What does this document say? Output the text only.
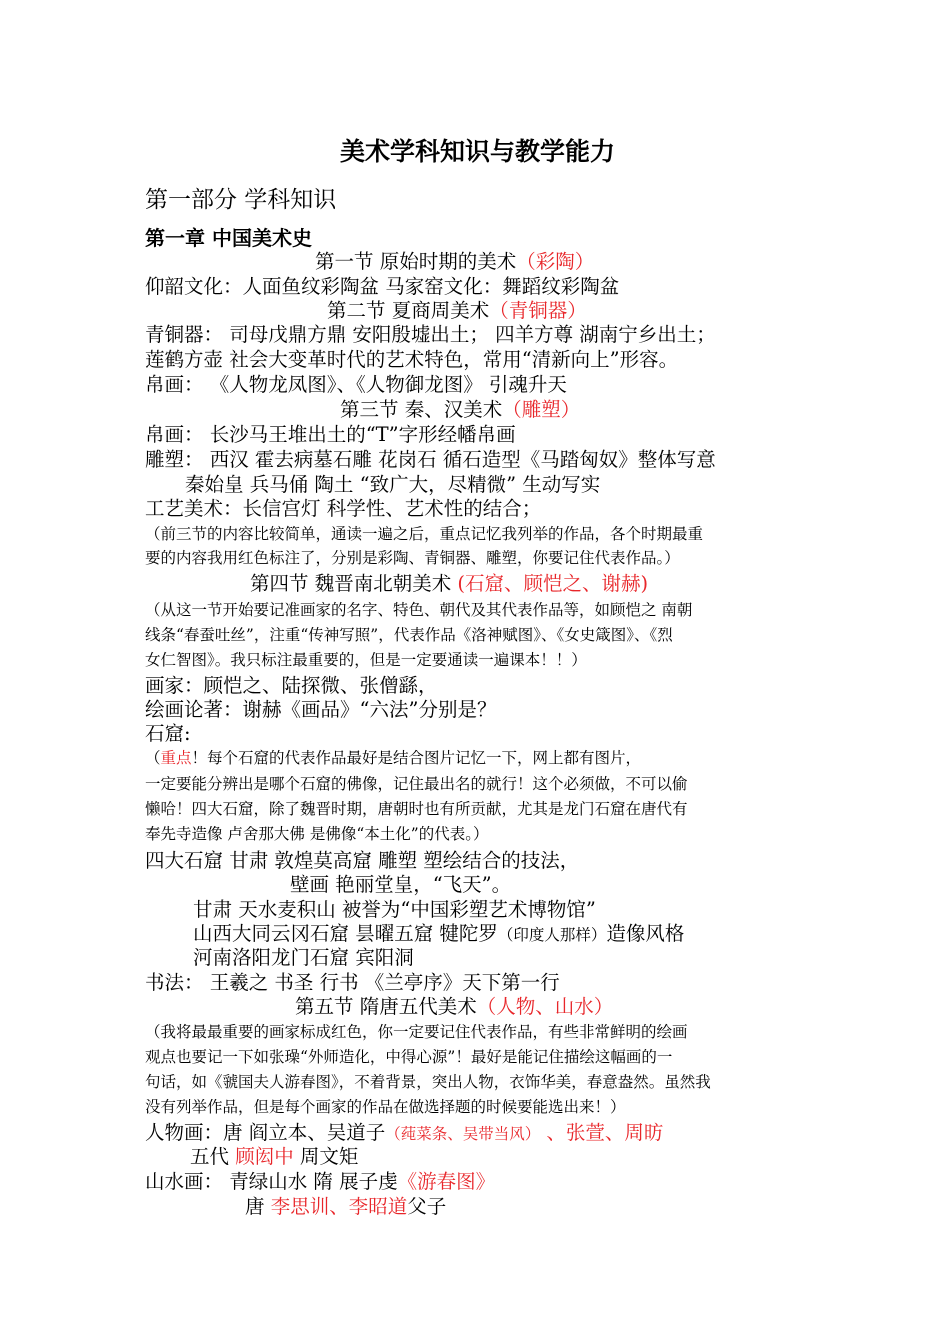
美术学科知识与教学能力
第一部分 学科知识
第一章 中国美术史
第一节 原始时期的美术（彩陶）
仰韶文化：人面鱼纹彩陶盆 马家窑文化：舞蹈纹彩陶盆
第二节 夏商周美术（青铜器）
青铜器： 司母戊鼎方鼎 安阳殷墟出土； 四羊方尊 湖南宁乡出土；
莲鹤方壶 社会大变革时代的艺术特色，常用“清新向上”形容。
帛画： 《人物龙凤图》、《人物御龙图》 引魂升天
第三节 秦、汉美术（雕塑）
帛画： 长沙马王堆出土的“T”字形经幡帛画
雕塑： 西汉 霍去病墓石雕 花岗石 循石造型《马踏匈奴》整体写意
秦始皇 兵马俑 陶土 “致广大，尽精微” 生动写实
工艺美术：长信宫灯 科学性、艺术性的结合；
（前三节的内容比较简单，通读一遍之后，重点记忆我列举的作品，各个时期最重
要的内容我用红色标注了，分别是彩陶、青铜器、雕塑，你要记住代表作品。）
第四节 魏晋南北朝美术 (石窟、顾恺之、谢赫)
（从这一节开始要记准画家的名字、特色、朝代及其代表作品等，如顾恺之 南朝
线条“春蚕吐丝”，注重“传神写照”，代表作品《洛神赋图》、《女史箴图》、《烈
女仁智图》。我只标注最重要的，但是一定要通读一遍课本！！）
画家：顾恺之、陆探微、张僧繇，
绘画论著：谢赫《画品》“六法”分别是？
石窟:
（重点！每个石窟的代表作品最好是结合图片记忆一下，网上都有图片，
一定要能分辨出是哪个石窟的佛像，记住最出名的就行！这个必须做，不可以偷
懒哈！四大石窟，除了魏晋时期，唐朝时也有所贡献，尤其是龙门石窟在唐代有
奉先寺造像 卢舍那大佛 是佛像“本土化”的代表。）
四大石窟 甘肃 敦煌莫高窟 雕塑 塑绘结合的技法，
壁画 艳丽堂皇，“飞天”。
甘肃 天水麦积山 被誉为“中国彩塑艺术博物馆”
山西大同云冈石窟 昙曜五窟 犍陀罗（印度人那样）造像风格
河南洛阳龙门石窟 宾阳洞
书法： 王羲之 书圣 行书 《兰亭序》天下第一行
第五节 隋唐五代美术（人物、山水）
（我将最最重要的画家标成红色，你一定要记住代表作品，有些非常鲜明的绘画
观点也要记一下如张璪“外师造化，中得心源”！最好是能记住描绘这幅画的一
句话，如《虢国夫人游春图》，不着背景，突出人物，衣饰华美，春意盎然。虽然我
没有列举作品，但是每个画家的作品在做选择题的时候要能选出来！）
人物画：唐 阎立本、吴道子（莼菜条、吴带当风） 、张萱、周昉
五代 顾闳中 周文矩
山水画： 青绿山水 隋 展子虔《游春图》
唐 李思训、李昭道父子
